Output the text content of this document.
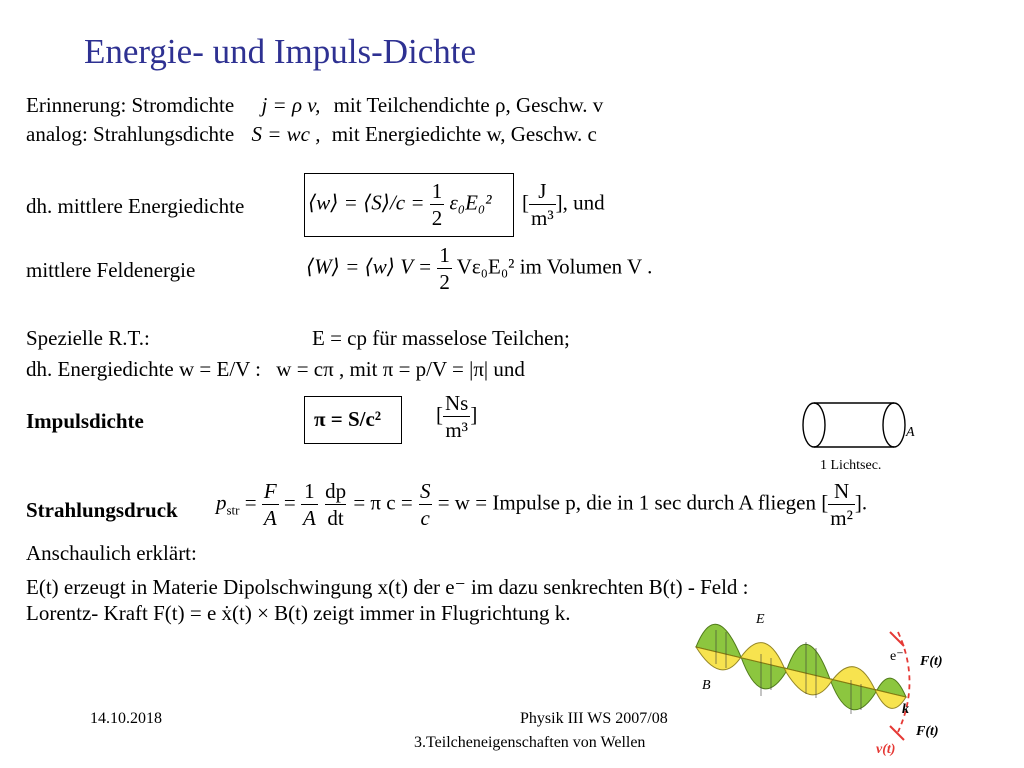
Energie- und Impuls-Dichte
Erinnerung: Stromdichte j = ρ v, mit Teilchendichte ρ, Geschw. v
analog: Strahlungsdichte S = wc , mit Energiedichte w, Geschw. c
dh. mittlere Energiedichte	⟨w⟩ = ⟨S⟩/c = $\frac{1}{2} \varepsilon_0E_0^2$ [ $\frac{J}{\text{m³}}$ ], und
mittlere Feldenergie	⟨W⟩ = ⟨w⟩ $V = \frac{1}{2} V\varepsilon_0E_0^2$ im Volumen V .
Spezielle R.T.:	E = cp für masselose Teilchen;
dh. Energiedichte w = E/V : w = cπ , mit π = p/V = |π| und
Impulsdichte	π = S/c²	[ $\frac{Ns}{\text{m³}}$ ]
A
1 Lichtsec.
Strahlungsdruck $p_{str} = \frac{F}{A} = \frac{1}{A}$
$\frac{dp}{dt} = \pi$ $c = \frac{S}{c} = w$ = Impulse p, die in 1 sec durch A fliegen [ $\frac{N}{\text{m²}}$ ].
Anschaulich erklärt:
E(t) erzeugt in Materie Dipolschwingung x(t) der e⁻ im dazu senkrechten B(t) - Feld :
Lorentz- Kraft F(t) = e ẋ(t) × B(t) zeigt immer in Flugrichtung k.	E
B
k
e⁻ F(t)
F(t)
v(t)
14.10.2018	Physik III WS 2007/08
3.Teilcheneigenschaften von Wellen
